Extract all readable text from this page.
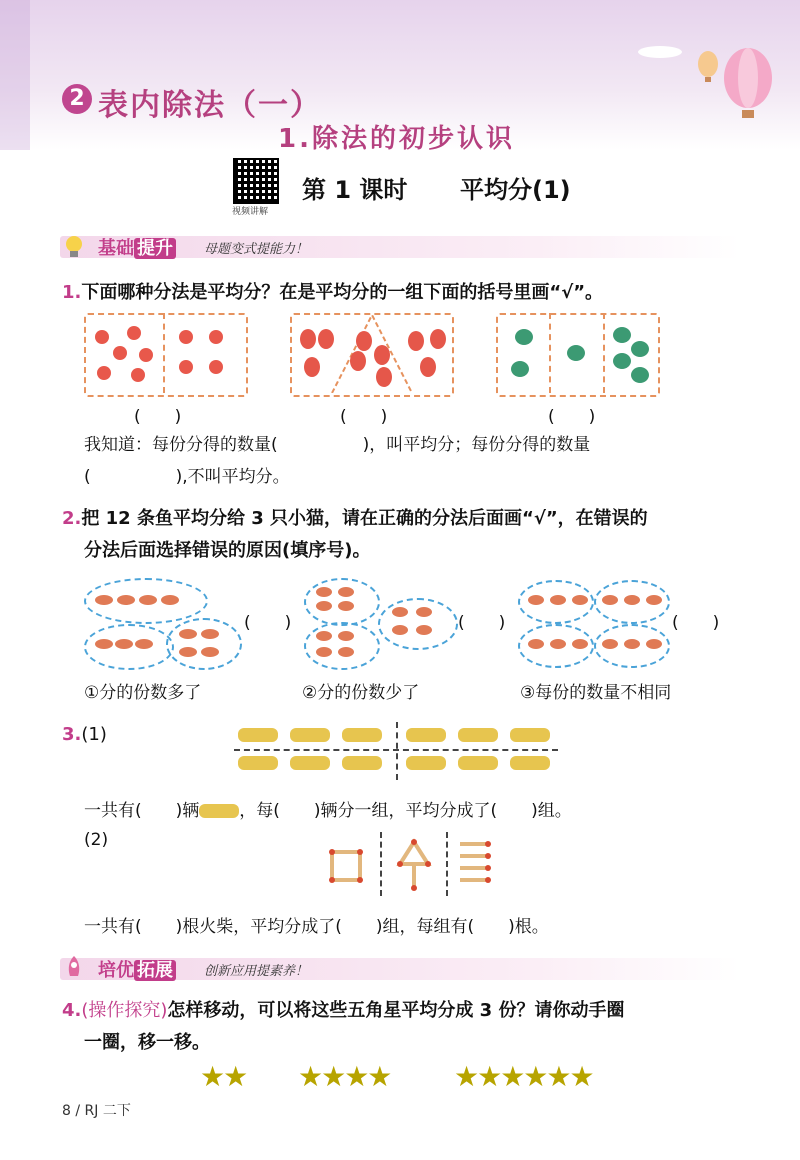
2 表内除法（一）
1.除法的初步认识
视频讲解
第 1 课时 平均分(1)
基础 提升 母题变式提能力！
1.下面哪种分法是平均分？在是平均分的一组下面的括号里画“√”。
(　　)	(　　)	(　　)
我知道：每份分得的数量(　　　　　)，叫平均分；每份分得的数量
(　　　　　),不叫平均分。
2.把 12 条鱼平均分给 3 只小猫，请在正确的分法后面画“√”，在错误的
分法后面选择错误的原因(填序号)。
(　　)	(　　)	(　　)
①分的份数多了	②分的份数少了	③每份的数量不相同
3.(1)
一共有(　　)辆 ，每(　　)辆分一组，平均分成了(　　)组。
(2)
一共有(　　)根火柴，平均分成了(　　)组，每组有(　　)根。
培优 拓展 创新应用提素养！
4.(操作探究)怎样移动，可以将这些五角星平均分成 3 份？请你动手圈
一圈，移一移。
★★ ★★★★ ★★★★★★
8 / RJ 二下
